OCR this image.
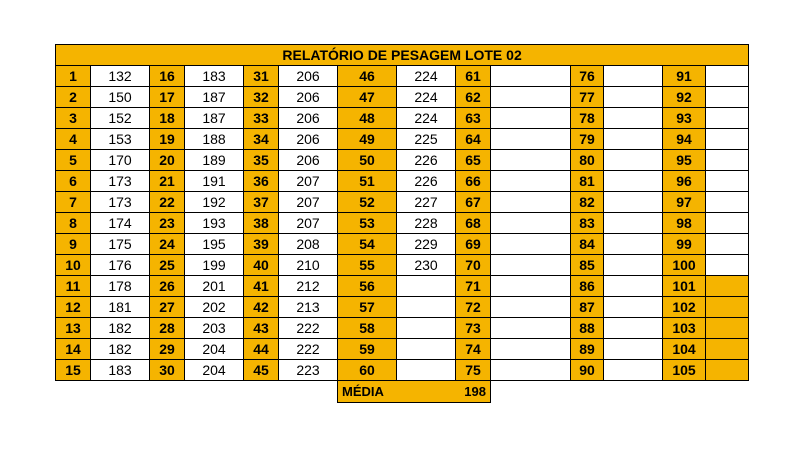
RELATÓRIO DE PESAGEM LOTE 02													
1	132	16	183	31	206	46	224	61		76		91	
2	150	17	187	32	206	47	224	62		77		92	
3	152	18	187	33	206	48	224	63		78		93	
4	153	19	188	34	206	49	225	64		79		94	
5	170	20	189	35	206	50	226	65		80		95	
6	173	21	191	36	207	51	226	66		81		96	
7	173	22	192	37	207	52	227	67		82		97	
8	174	23	193	38	207	53	228	68		83		98	
9	175	24	195	39	208	54	229	69		84		99	
10	176	25	199	40	210	55	230	70		85		100	
11	178	26	201	41	212	56		71		86		101	
12	181	27	202	42	213	57		72		87		102	
13	182	28	203	43	222	58		73		88		103	
14	182	29	204	44	222	59		74		89		104	
15	183	30	204	45	223	60		75		90		105	
MÉDIA	198
